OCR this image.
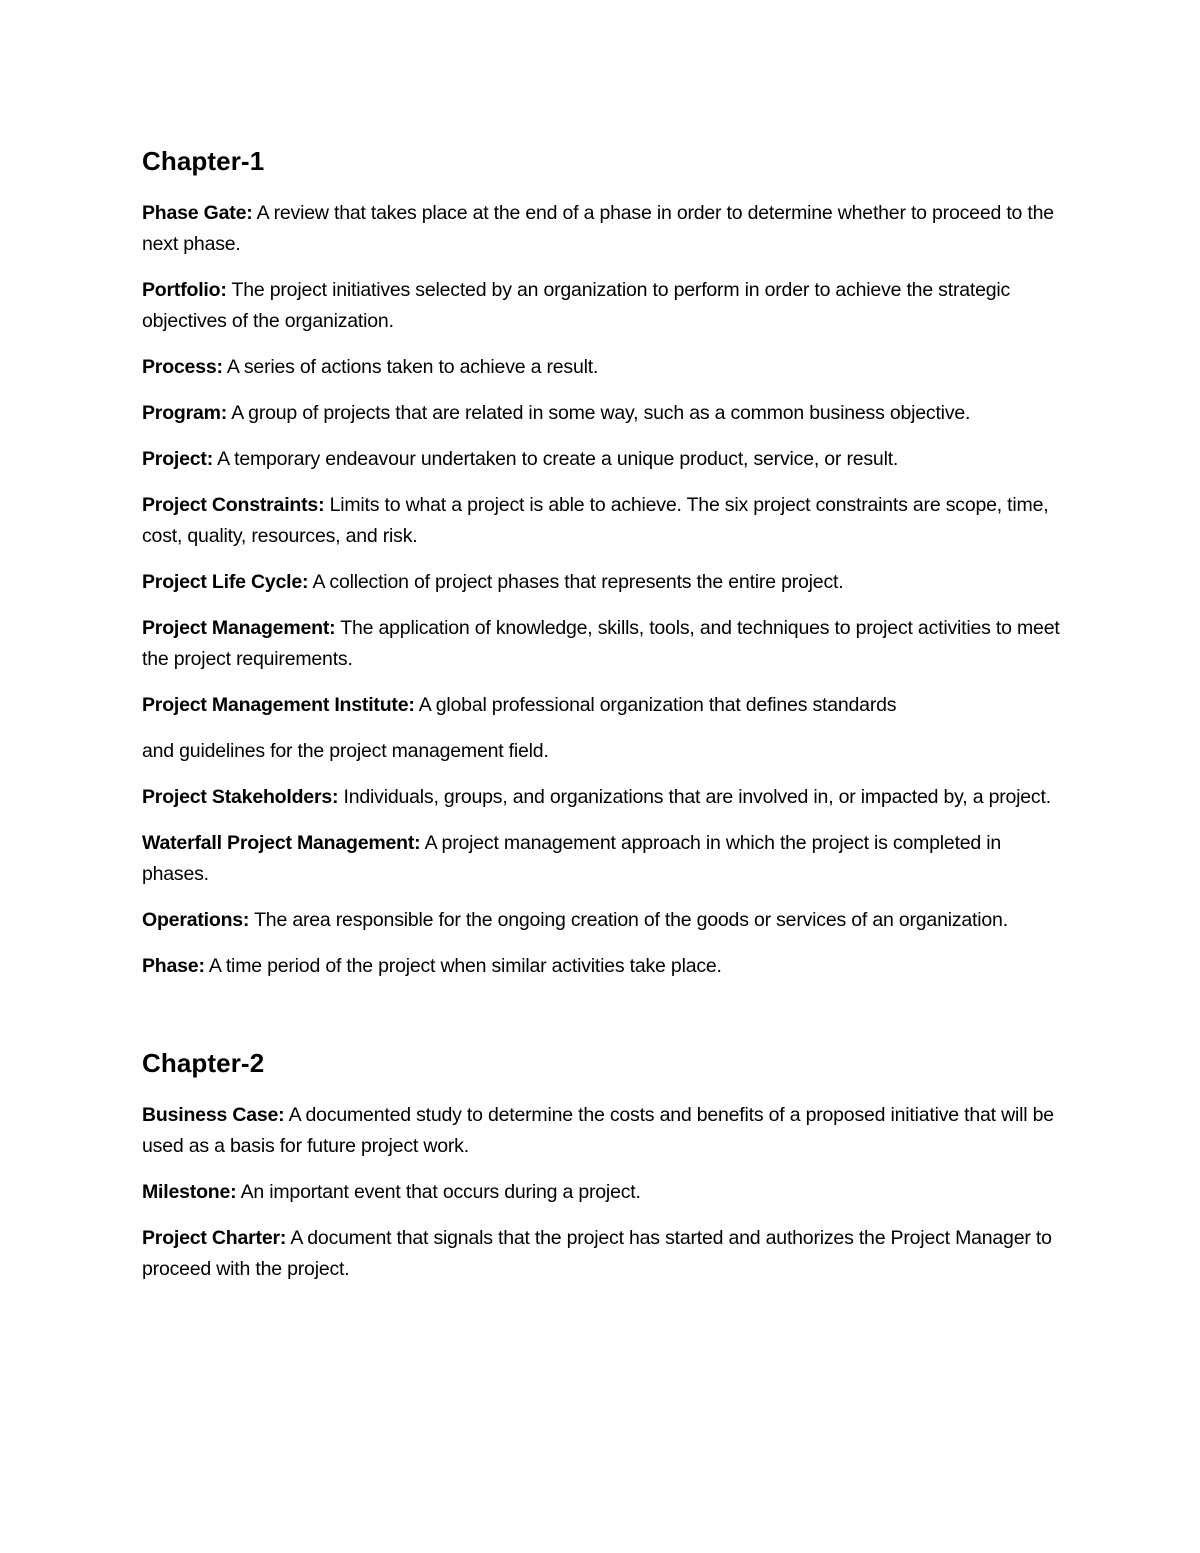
Chapter-1

Phase Gate: A review that takes place at the end of a phase in order to determine whether to proceed to the next phase.

Portfolio: The project initiatives selected by an organization to perform in order to achieve the strategic objectives of the organization.

Process: A series of actions taken to achieve a result.

Program: A group of projects that are related in some way, such as a common business objective.

Project: A temporary endeavour undertaken to create a unique product, service, or result.

Project Constraints: Limits to what a project is able to achieve. The six project constraints are scope, time, cost, quality, resources, and risk.

Project Life Cycle: A collection of project phases that represents the entire project.

Project Management: The application of knowledge, skills, tools, and techniques to project activities to meet the project requirements.

Project Management Institute: A global professional organization that defines standards

and guidelines for the project management field.

Project Stakeholders: Individuals, groups, and organizations that are involved in, or impacted by, a project.

Waterfall Project Management: A project management approach in which the project is completed in phases.

Operations: The area responsible for the ongoing creation of the goods or services of an organization.

Phase: A time period of the project when similar activities take place.

Chapter-2

Business Case: A documented study to determine the costs and benefits of a proposed initiative that will be used as a basis for future project work.

Milestone: An important event that occurs during a project.

Project Charter: A document that signals that the project has started and authorizes the Project Manager to proceed with the project.
